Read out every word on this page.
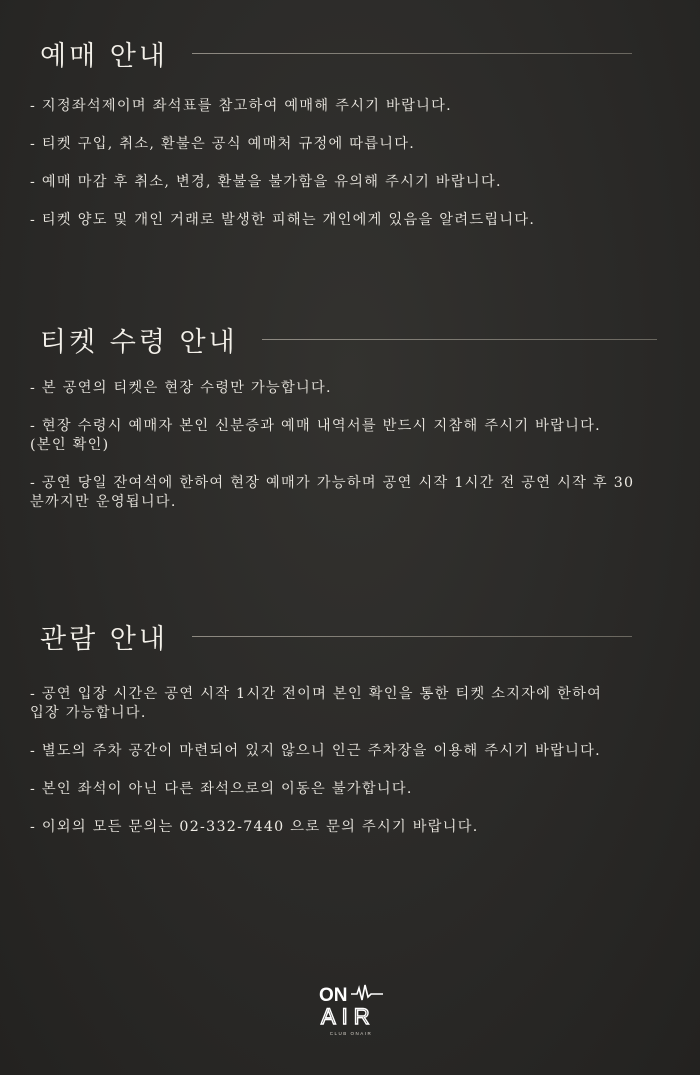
예매 안내
- 지정좌석제이며 좌석표를 참고하여 예매해 주시기 바랍니다.
- 티켓 구입, 취소, 환불은 공식 예매처 규정에 따릅니다.
- 예매 마감 후 취소, 변경, 환불을 불가함을 유의해 주시기 바랍니다.
- 티켓 양도 및 개인 거래로 발생한 피해는 개인에게 있음을 알려드립니다.
티켓 수령 안내
- 본 공연의 티켓은 현장 수령만 가능합니다.
- 현장 수령시 예매자 본인 신분증과 예매 내역서를 반드시 지참해 주시기 바랍니다.
(본인 확인)
- 공연 당일 잔여석에 한하여 현장 예매가 가능하며 공연 시작 1시간 전 공연 시작 후 30
분까지만 운영됩니다.
관람 안내
- 공연 입장 시간은 공연 시작 1시간 전이며 본인 확인을 통한 티켓 소지자에 한하여
입장 가능합니다.
- 별도의 주차 공간이 마련되어 있지 않으니 인근 주차장을 이용해 주시기 바랍니다.
- 본인 좌석이 아닌 다른 좌석으로의 이동은 불가합니다.
- 이외의 모든 문의는 02-332-7440 으로 문의 주시기 바랍니다.
ON
AIR
CLUB ONAIR
